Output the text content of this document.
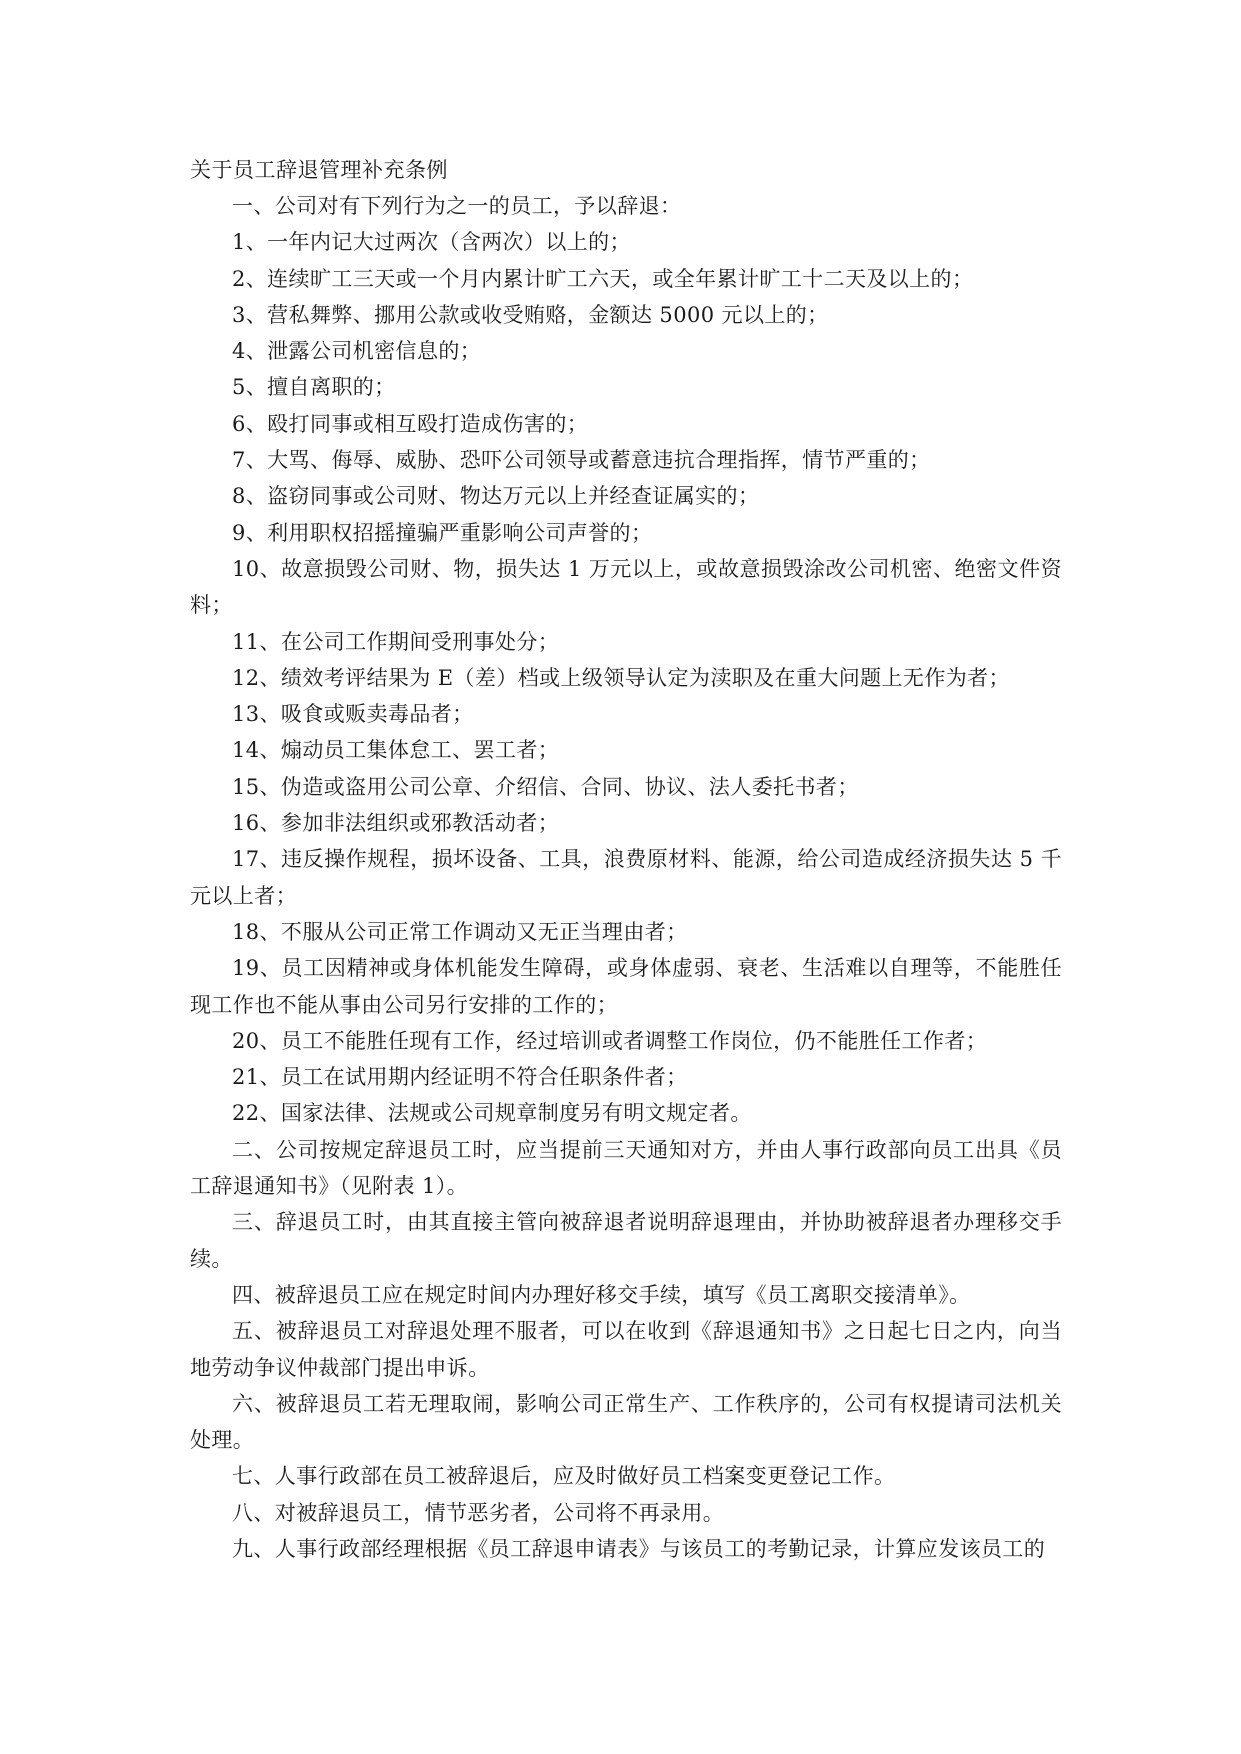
关于员工辞退管理补充条例

一、公司对有下列行为之一的员工，予以辞退：

1、一年内记大过两次（含两次）以上的；

2、连续旷工三天或一个月内累计旷工六天，或全年累计旷工十二天及以上的；

3、营私舞弊、挪用公款或收受贿赂，金额达 5000 元以上的；

4、泄露公司机密信息的；

5、擅自离职的；

6、殴打同事或相互殴打造成伤害的；

7、大骂、侮辱、威胁、恐吓公司领导或蓄意违抗合理指挥，情节严重的；

8、盗窃同事或公司财、物达万元以上并经查证属实的；

9、利用职权招摇撞骗严重影响公司声誉的；

10、故意损毁公司财、物，损失达 1 万元以上，或故意损毁涂改公司机密、绝密文件资料；

11、在公司工作期间受刑事处分；

12、绩效考评结果为 E（差）档或上级领导认定为渎职及在重大问题上无作为者；

13、吸食或贩卖毒品者；

14、煽动员工集体怠工、罢工者；

15、伪造或盗用公司公章、介绍信、合同、协议、法人委托书者；

16、参加非法组织或邪教活动者；

17、违反操作规程，损坏设备、工具，浪费原材料、能源，给公司造成经济损失达 5 千元以上者；

18、不服从公司正常工作调动又无正当理由者；

19、员工因精神或身体机能发生障碍，或身体虚弱、衰老、生活难以自理等，不能胜任现工作也不能从事由公司另行安排的工作的；

20、员工不能胜任现有工作，经过培训或者调整工作岗位，仍不能胜任工作者；

21、员工在试用期内经证明不符合任职条件者；

22、国家法律、法规或公司规章制度另有明文规定者。

二、公司按规定辞退员工时，应当提前三天通知对方，并由人事行政部向员工出具《员工辞退通知书》（见附表 1）。

三、辞退员工时，由其直接主管向被辞退者说明辞退理由，并协助被辞退者办理移交手续。

四、被辞退员工应在规定时间内办理好移交手续，填写《员工离职交接清单》。

五、被辞退员工对辞退处理不服者，可以在收到《辞退通知书》之日起七日之内，向当地劳动争议仲裁部门提出申诉。

六、被辞退员工若无理取闹，影响公司正常生产、工作秩序的，公司有权提请司法机关处理。

七、人事行政部在员工被辞退后，应及时做好员工档案变更登记工作。

八、对被辞退员工，情节恶劣者，公司将不再录用。

九、人事行政部经理根据《员工辞退申请表》与该员工的考勤记录，计算应发该员工的
